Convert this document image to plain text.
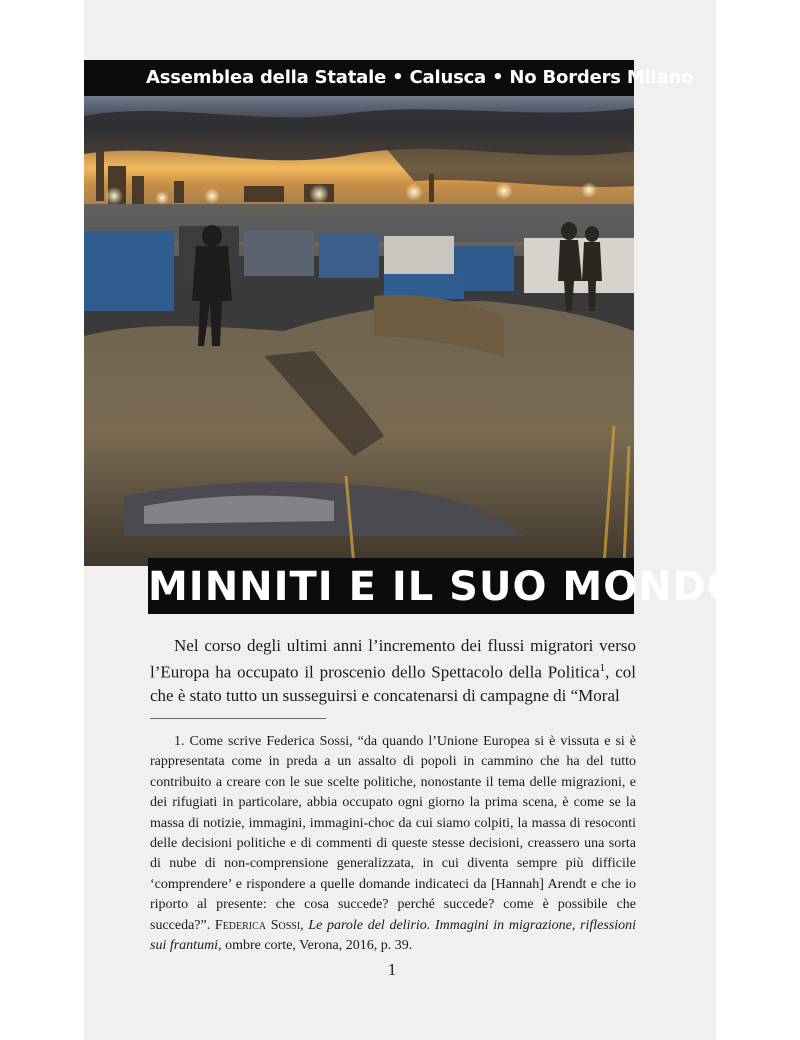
Assemblea della Statale • Calusca • No Borders Milano
MINNITI E IL SUO MONDO

Nel corso degli ultimi anni l’incremento dei flussi migratori verso l’Europa ha occupato il proscenio dello Spettacolo della Politica$^1$, col che è stato tutto un susseguirsi e concatenarsi di campagne di “Moral

1. Come scrive Federica Sossi, “da quando l’Unione Europea si è vissuta e si è rappresentata come in preda a un assalto di popoli in cammino che ha del tutto contribuito a creare con le sue scelte politiche, nonostante il tema delle migrazioni, e dei rifugiati in particolare, abbia occupato ogni giorno la prima scena, è come se la massa di notizie, immagini, immagini-choc da cui siamo colpiti, la massa di resoconti delle decisioni politiche e di commenti di queste stesse decisioni, creassero una sorta di nube di non-comprensione generalizzata, in cui diventa sempre più difficile ‘comprendere’ e rispondere a quelle domande indicateci da [Hannah] Arendt e che io riporto al presente: che cosa succede? perché succede? come è possibile che succeda?”. Federica Sossi, Le parole del delirio. Immagini in migrazione, riflessioni sui frantumi, ombre corte, Verona, 2016, p. 39.

1
